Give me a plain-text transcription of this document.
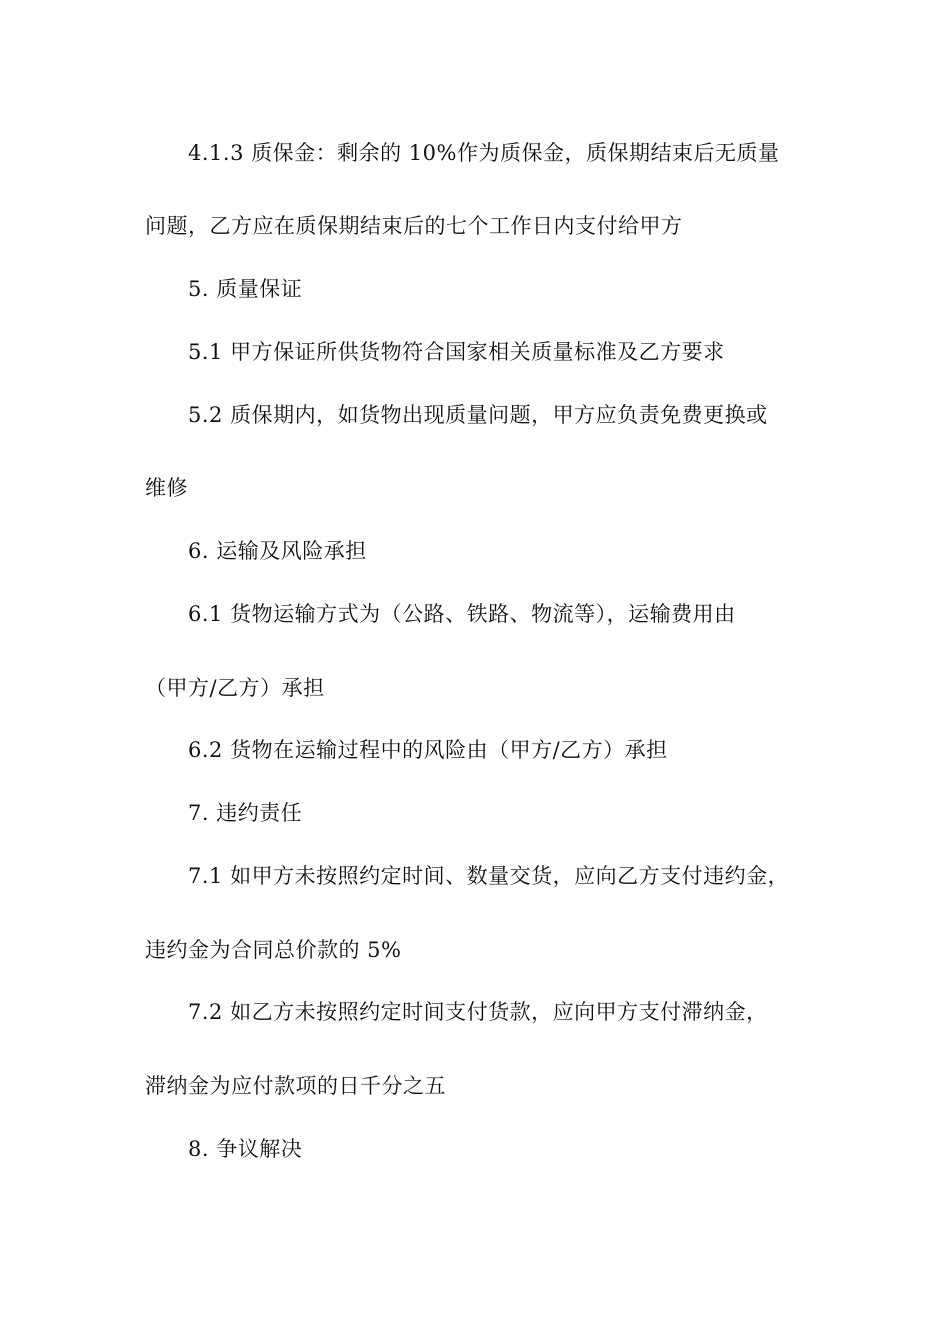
4.1.3 质保金：剩余的 10%作为质保金，质保期结束后无质量
问题，乙方应在质保期结束后的七个工作日内支付给甲方
5. 质量保证
5.1 甲方保证所供货物符合国家相关质量标准及乙方要求
5.2 质保期内，如货物出现质量问题，甲方应负责免费更换或
维修
6. 运输及风险承担
6.1 货物运输方式为（公路、铁路、物流等），运输费用由
（甲方/乙方）承担
6.2 货物在运输过程中的风险由（甲方/乙方）承担
7. 违约责任
7.1 如甲方未按照约定时间、数量交货，应向乙方支付违约金，
违约金为合同总价款的 5%
7.2 如乙方未按照约定时间支付货款，应向甲方支付滞纳金，
滞纳金为应付款项的日千分之五
8. 争议解决
